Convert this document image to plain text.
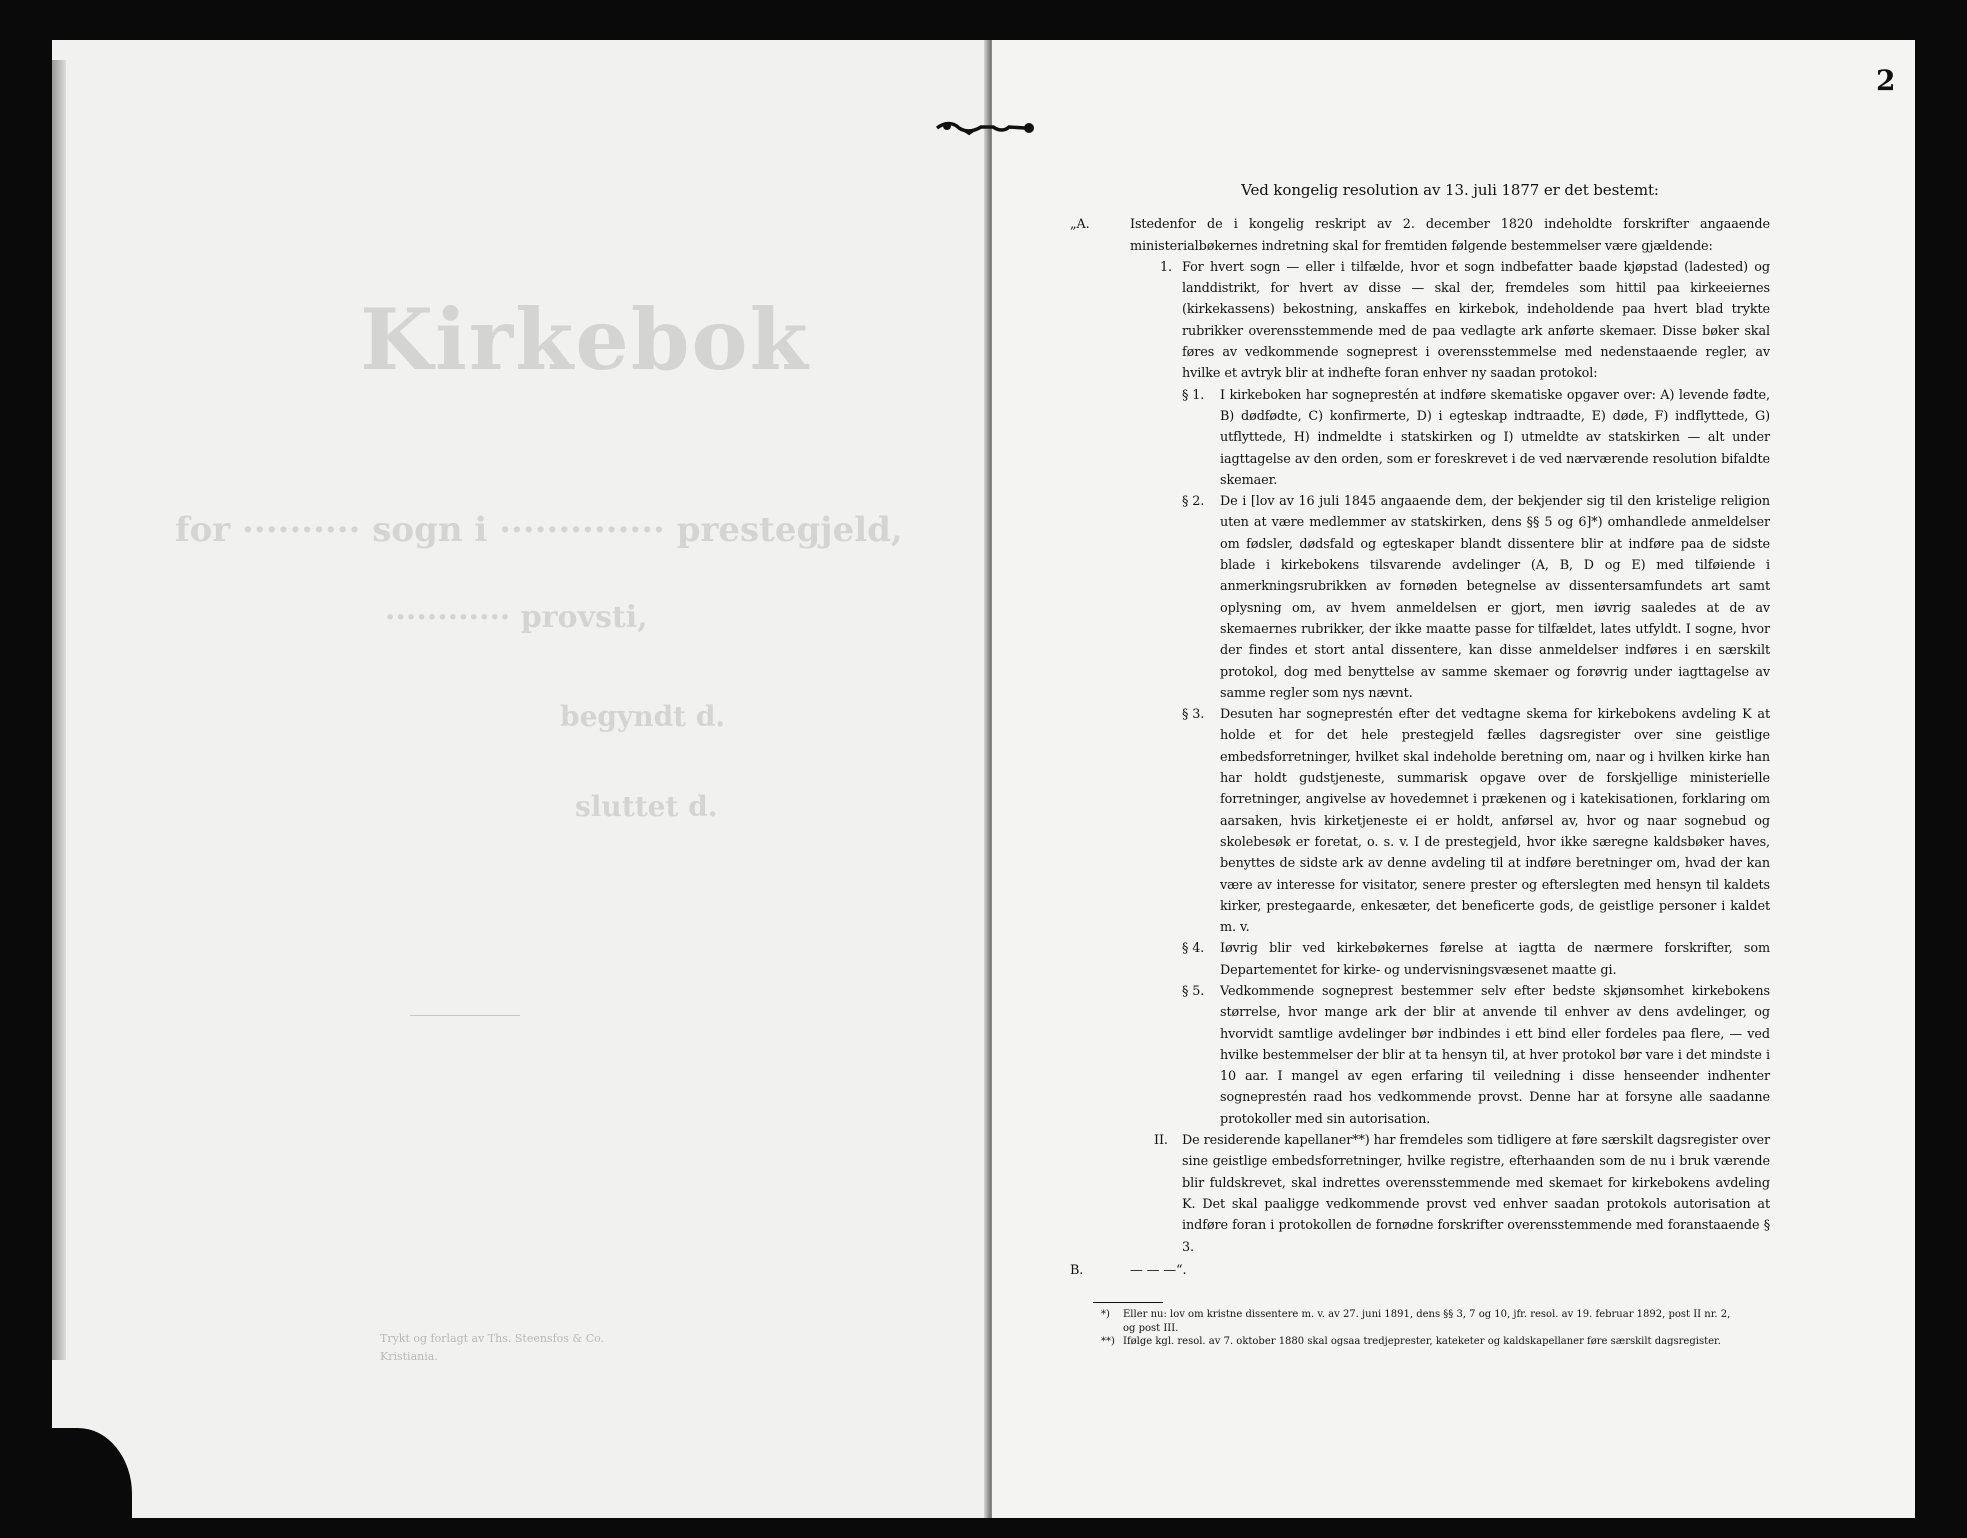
Kirkebok
for ·········· sogn i ·············· prestegjeld,
············ provsti,
begyndt d.
sluttet d.
Trykt og forlagt av Ths. Steensfos & Co.
Kristiania.
2
Ved kongelig resolution av 13. juli 1877 er det bestemt:
„A.	Istedenfor de i kongelig reskript av 2. december 1820 indeholdte forskrifter angaaende ministerialbøkernes indretning skal for fremtiden følgende bestemmelser være gjældende:
1. For hvert sogn — eller i tilfælde, hvor et sogn indbefatter baade kjøpstad (ladested) og landdistrikt, for hvert av disse — skal der, fremdeles som hittil paa kirkeeiernes (kirkekassens) bekostning, anskaffes en kirkebok, indeholdende paa hvert blad trykte rubrikker overensstemmende med de paa vedlagte ark anførte skemaer. Disse bøker skal føres av vedkommende sogneprest i overensstemmelse med nedenstaaende regler, av hvilke et avtryk blir at indhefte foran enhver ny saadan protokol:
§ 1. I kirkeboken har sogneprestén at indføre skematiske opgaver over: A) levende fødte, B) dødfødte, C) konfirmerte, D) i egteskap indtraadte, E) døde, F) indflyttede, G) utflyttede, H) indmeldte i statskirken og I) utmeldte av statskirken — alt under iagttagelse av den orden, som er foreskrevet i de ved nærværende resolution bifaldte skemaer.
§ 2. De i [lov av 16 juli 1845 angaaende dem, der bekjender sig til den kristelige religion uten at være medlemmer av statskirken, dens §§ 5 og 6]*) omhandlede anmeldelser om fødsler, dødsfald og egteskaper blandt dissentere blir at indføre paa de sidste blade i kirkebokens tilsvarende avdelinger (A, B, D og E) med tilføiende i anmerkningsrubrikken av fornøden betegnelse av dissentersamfundets art samt oplysning om, av hvem anmeldelsen er gjort, men iøvrig saaledes at de av skemaernes rubrikker, der ikke maatte passe for tilfældet, lates utfyldt. I sogne, hvor der findes et stort antal dissentere, kan disse anmeldelser indføres i en særskilt protokol, dog med benyttelse av samme skemaer og forøvrig under iagttagelse av samme regler som nys nævnt.
§ 3. Desuten har sogneprestén efter det vedtagne skema for kirkebokens avdeling K at holde et for det hele prestegjeld fælles dagsregister over sine geistlige embedsforretninger, hvilket skal indeholde beretning om, naar og i hvilken kirke han har holdt gudstjeneste, summarisk opgave over de forskjellige ministerielle forretninger, angivelse av hovedemnet i prækenen og i katekisationen, forklaring om aarsaken, hvis kirketjeneste ei er holdt, anførsel av, hvor og naar sognebud og skolebesøk er foretat, o. s. v. I de prestegjeld, hvor ikke særegne kaldsbøker haves, benyttes de sidste ark av denne avdeling til at indføre beretninger om, hvad der kan være av interesse for visitator, senere prester og efterslegten med hensyn til kaldets kirker, prestegaarde, enkesæter, det beneficerte gods, de geistlige personer i kaldet m. v.
§ 4. Iøvrig blir ved kirkebøkernes førelse at iagtta de nærmere forskrifter, som Departementet for kirke- og undervisningsvæsenet maatte gi.
§ 5. Vedkommende sogneprest bestemmer selv efter bedste skjønsomhet kirkebokens størrelse, hvor mange ark der blir at anvende til enhver av dens avdelinger, og hvorvidt samtlige avdelinger bør indbindes i ett bind eller fordeles paa flere, — ved hvilke bestemmelser der blir at ta hensyn til, at hver protokol bør vare i det mindste i 10 aar. I mangel av egen erfaring til veiledning i disse henseender indhenter sogneprestén raad hos vedkommende provst. Denne har at forsyne alle saadanne protokoller med sin autorisation.
II. De residerende kapellaner**) har fremdeles som tidligere at føre særskilt dagsregister over sine geistlige embedsforretninger, hvilke registre, efterhaanden som de nu i bruk værende blir fuldskrevet, skal indrettes overensstemmende med skemaet for kirkebokens avdeling K. Det skal paaligge vedkommende provst ved enhver saadan protokols autorisation at indføre foran i protokollen de fornødne forskrifter overensstemmende med foranstaaende § 3.
B.	— — —“.
*) Eller nu: lov om kristne dissentere m. v. av 27. juni 1891, dens §§ 3, 7 og 10, jfr. resol. av 19. februar 1892, post II nr. 2, og post III.
**) Ifølge kgl. resol. av 7. oktober 1880 skal ogsaa tredjeprester, kateketer og kaldskapellaner føre særskilt dagsregister.
